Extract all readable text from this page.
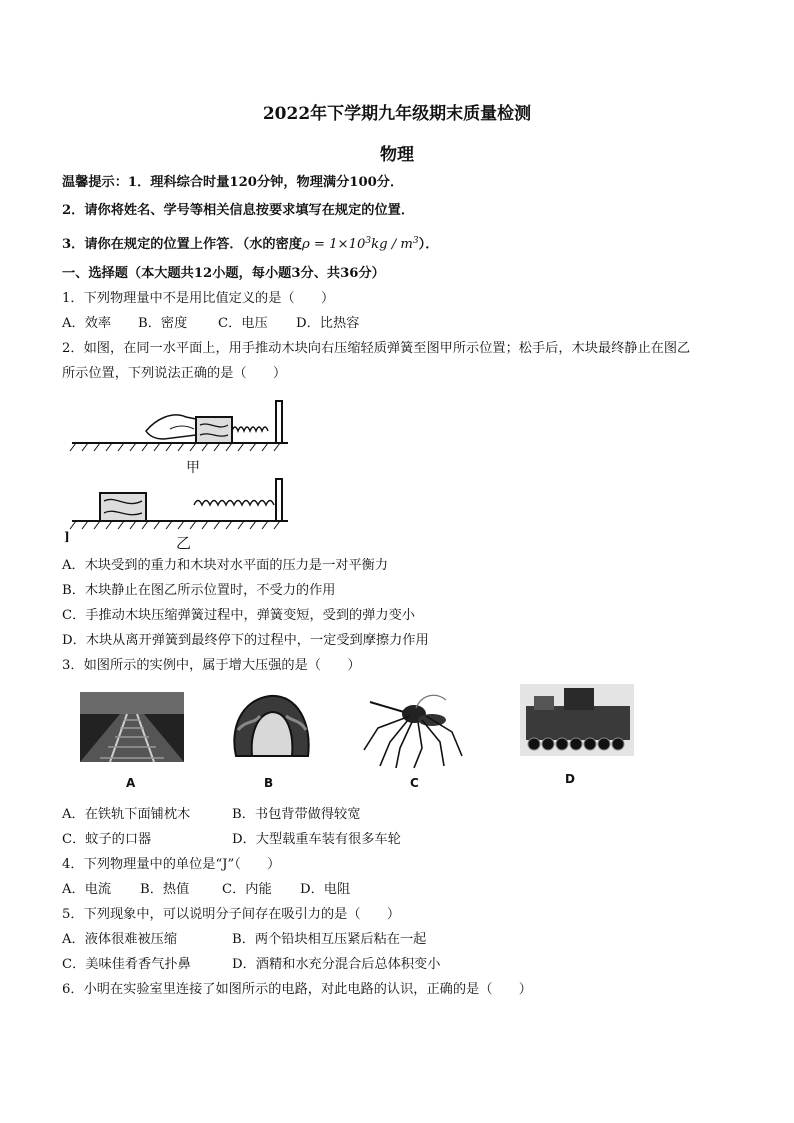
2022年下学期九年级期末质量检测
物理
温馨提示：1．理科综合时量120分钟，物理满分100分．
2．请你将姓名、学号等相关信息按要求填写在规定的位置．
3．请你在规定的位置上作答．（水的密度$\rho = 1\times 10^3kg / m^3$）．
一、选择题（本大题共12小题，每小题3分、共36分）
1．下列物理量中不是用比值定义的是（　　）
A．效率 B．密度 C．电压 D．比热容
2．如图，在同一水平面上，用手推动木块向右压缩轻质弹簧至图甲所示位置；松手后，木块最终静止在图乙
所示位置，下列说法正确的是（　　）
甲
]	乙
A．木块受到的重力和木块对水平面的压力是一对平衡力
B．木块静止在图乙所示位置时，不受力的作用
C．手推动木块压缩弹簧过程中，弹簧变短，受到的弹力变小
D．木块从离开弹簧到最终停下的过程中，一定受到摩擦力作用
3．如图所示的实例中，属于增大压强的是（　　）
A	B	C	D
A．在铁轨下面铺枕木	B．书包背带做得较宽
C．蚊子的口器	D．大型载重车装有很多车轮
4．下列物理量中的单位是“J”（　　）
A．电流 B．热值 C．内能 D．电阻
5．下列现象中，可以说明分子间存在吸引力的是（　　）
A．液体很难被压缩	B．两个铅块相互压紧后粘在一起
C．美味佳肴香气扑鼻	D．酒精和水充分混合后总体积变小
6．小明在实验室里连接了如图所示的电路，对此电路的认识，正确的是（　　）
